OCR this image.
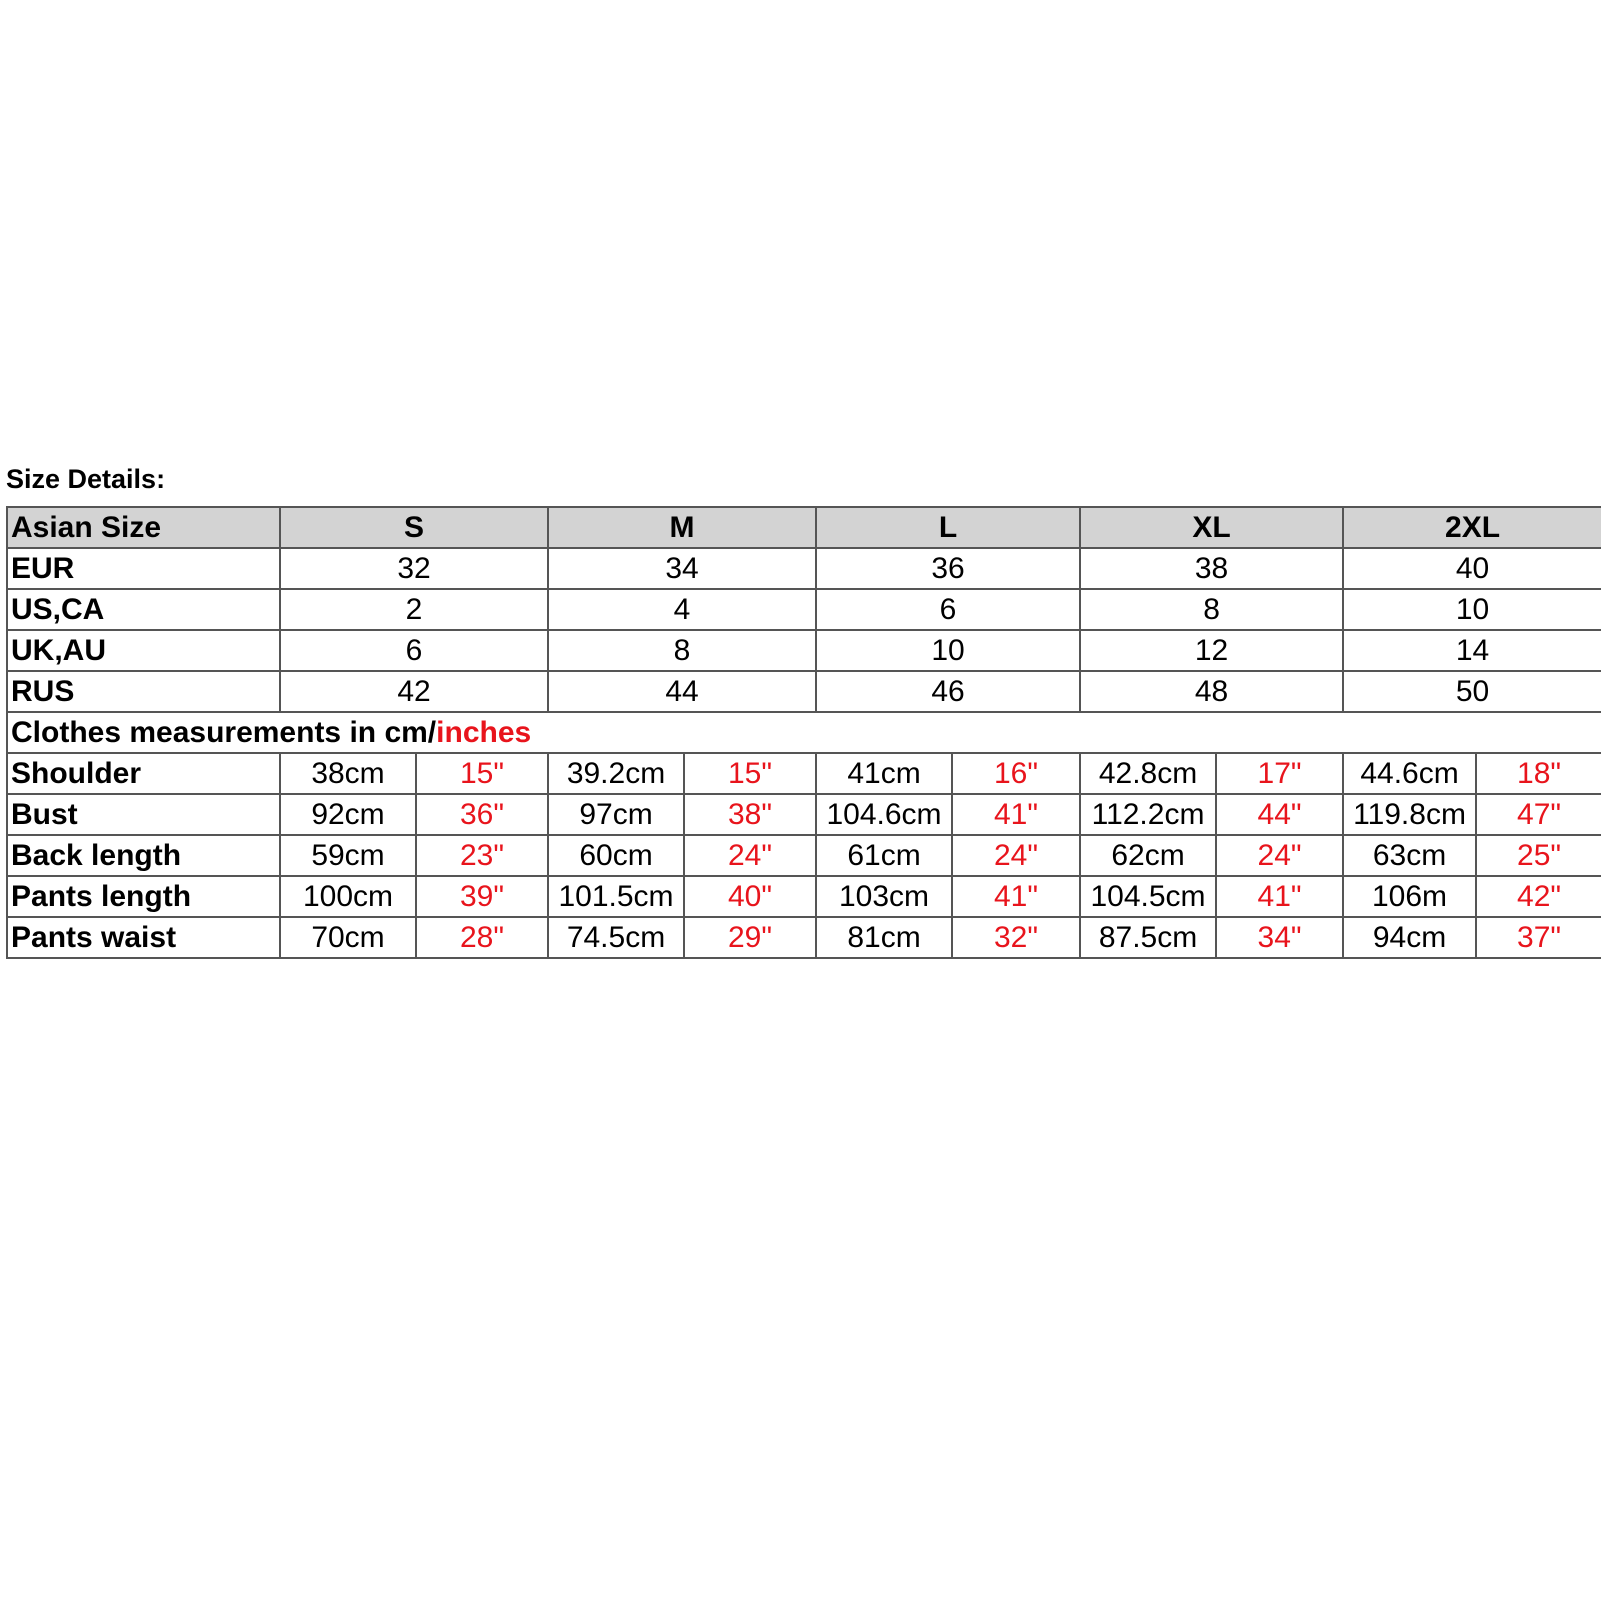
Size Details:
Asian Size	S		M		L		XL		2XL	
EUR	32		34		36		38		40	
US,CA	2		4		6		8		10	
UK,AU	6		8		10		12		14	
RUS	42		44		46		48		50	
Clothes measurements in cm/inches										
Shoulder	38cm	15"	39.2cm	15"	41cm	16"	42.8cm	17"	44.6cm	18"
Bust	92cm	36"	97cm	38"	104.6cm	41"	112.2cm	44"	119.8cm	47"
Back length	59cm	23"	60cm	24"	61cm	24"	62cm	24"	63cm	25"
Pants length	100cm	39"	101.5cm	40"	103cm	41"	104.5cm	41"	106m	42"
Pants waist	70cm	28"	74.5cm	29"	81cm	32"	87.5cm	34"	94cm	37"
